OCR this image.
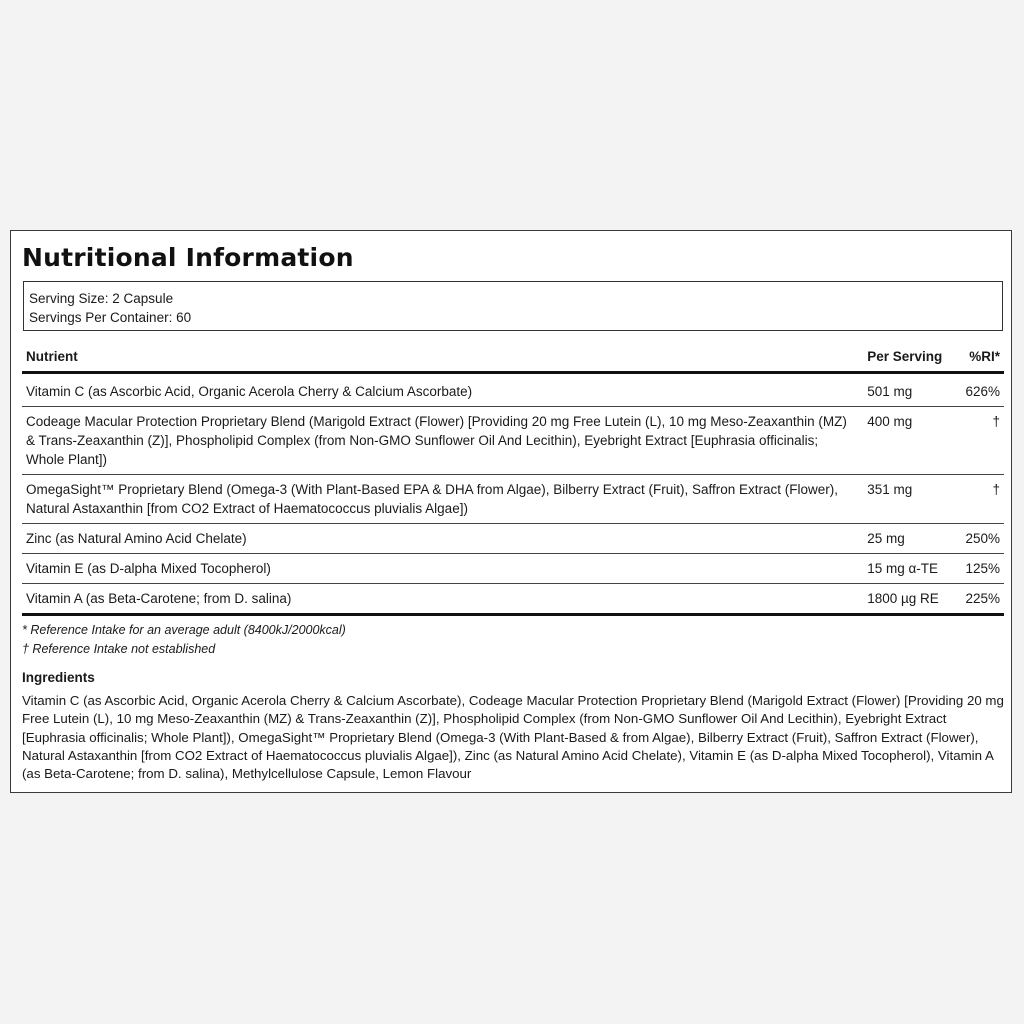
Nutritional Information
Serving Size: 2 Capsule
Servings Per Container: 60
Nutrient	Per Serving	%RI*
Vitamin C (as Ascorbic Acid, Organic Acerola Cherry & Calcium Ascorbate)	501 mg	626%
Codeage Macular Protection Proprietary Blend (Marigold Extract (Flower) [Providing 20 mg Free Lutein (L), 10 mg Meso-Zeaxanthin (MZ) & Trans-Zeaxanthin (Z)], Phospholipid Complex (from Non-GMO Sunflower Oil And Lecithin), Eyebright Extract [Euphrasia officinalis; Whole Plant])	400 mg	†
OmegaSight™ Proprietary Blend (Omega-3 (With Plant-Based EPA & DHA from Algae), Bilberry Extract (Fruit), Saffron Extract (Flower), Natural Astaxanthin [from CO2 Extract of Haematococcus pluvialis Algae])	351 mg	†
Zinc (as Natural Amino Acid Chelate)	25 mg	250%
Vitamin E (as D-alpha Mixed Tocopherol)	15 mg α-TE	125%
Vitamin A (as Beta-Carotene; from D. salina)	1800 µg RE	225%
* Reference Intake for an average adult (8400kJ/2000kcal)
† Reference Intake not established
Ingredients
Vitamin C (as Ascorbic Acid, Organic Acerola Cherry & Calcium Ascorbate), Codeage Macular Protection Proprietary Blend (Marigold Extract (Flower) [Providing 20 mg Free Lutein (L), 10 mg Meso-Zeaxanthin (MZ) & Trans-Zeaxanthin (Z)], Phospholipid Complex (from Non-GMO Sunflower Oil And Lecithin), Eyebright Extract [Euphrasia officinalis; Whole Plant]), OmegaSight™ Proprietary Blend (Omega-3 (With Plant-Based & from Algae), Bilberry Extract (Fruit), Saffron Extract (Flower), Natural Astaxanthin [from CO2 Extract of Haematococcus pluvialis Algae]), Zinc (as Natural Amino Acid Chelate), Vitamin E (as D-alpha Mixed Tocopherol), Vitamin A (as Beta-Carotene; from D. salina), Methylcellulose Capsule, Lemon Flavour
